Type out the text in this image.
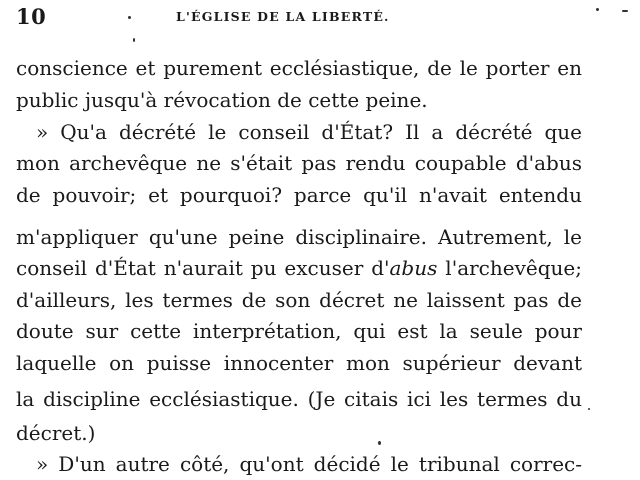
10	L'ÉGLISE DE LA LIBERTÉ.
conscience et purement ecclésiastique, de le porter en
public jusqu'à révocation de cette peine.
» Qu'a décrété le conseil d'État? Il a décrété que
mon archevêque ne s'était pas rendu coupable d'abus
de pouvoir; et pourquoi? parce qu'il n'avait entendu
m'appliquer qu'une peine disciplinaire. Autrement, le
conseil d'État n'aurait pu excuser d'abus l'archevêque;
d'ailleurs, les termes de son décret ne laissent pas de
doute sur cette interprétation, qui est la seule pour
laquelle on puisse innocenter mon supérieur devant
la discipline ecclésiastique. (Je citais ici les termes du
décret.)
» D'un autre côté, qu'ont décidé le tribunal correc-
